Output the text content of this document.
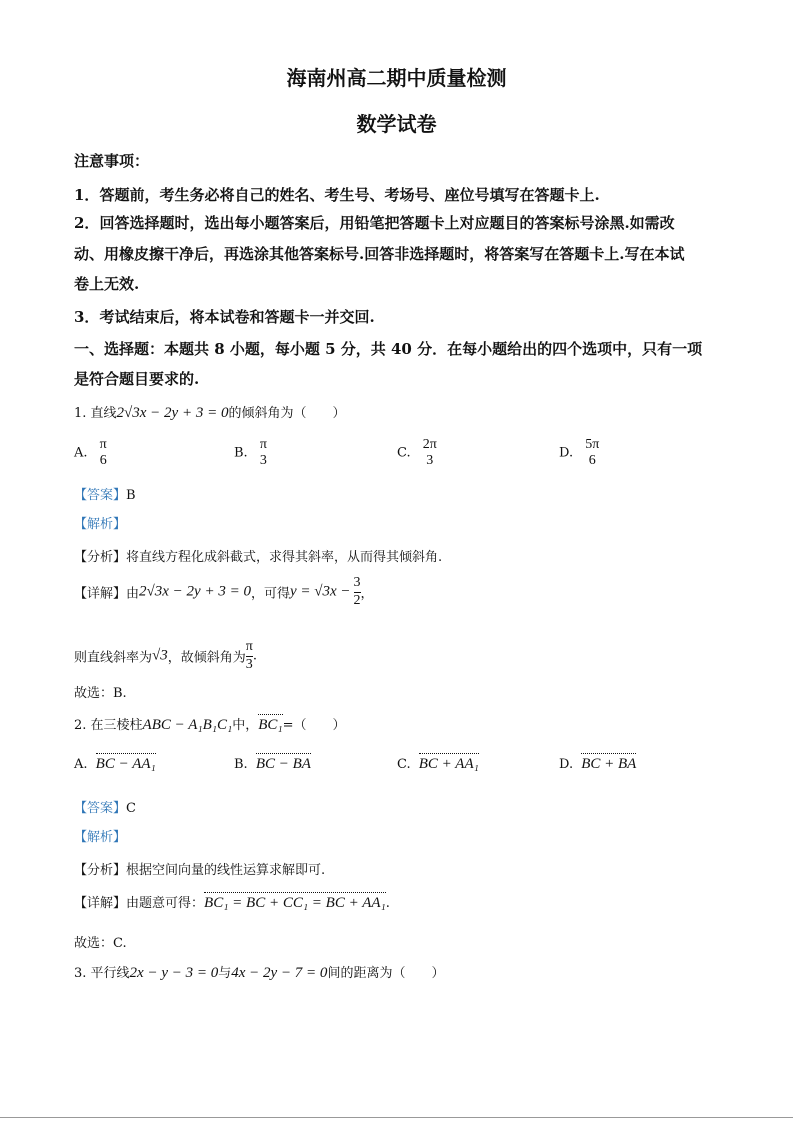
海南州高二期中质量检测
数学试卷
注意事项：
1．答题前，考生务必将自己的姓名、考生号、考场号、座位号填写在答题卡上.
2．回答选择题时，选出每小题答案后，用铅笔把答题卡上对应题目的答案标号涂黑.如需改
动、用橡皮擦干净后，再选涂其他答案标号.回答非选择题时，将答案写在答题卡上.写在本试
卷上无效.
3．考试结束后，将本试卷和答题卡一并交回.
一、选择题：本题共 8 小题，每小题 5 分，共 40 分．在每小题给出的四个选项中，只有一项
是符合题目要求的.
1. 直线2√3x − 2y + 3 = 0的倾斜角为（　　）
A.
π
6	B.
π
3	C.
2π
3	D.
5π
6
【答案】B
【解析】
【分析】将直线方程化成斜截式，求得其斜率，从而得其倾斜角.
【详解】由2√3x − 2y + 3 = 0，可得$y = √3x - \frac{3}{2}$ ，
则直线斜率为√3，故倾斜角为 $\frac{\pi}{3}$ .
故选：B.
2. 在三棱柱ABC − A₁B₁C₁中，BC₁=（　　）
A. BC − AA₁	B. BC − BA	C. BC + AA₁	D. BC + BA
【答案】C
【解析】
【分析】根据空间向量的线性运算求解即可.
【详解】由题意可得：BC₁ = BC + CC₁ = BC + AA₁.
故选：C.
3. 平行线2x − y − 3 = 0与4x − 2y − 7 = 0间的距离为（　　）
